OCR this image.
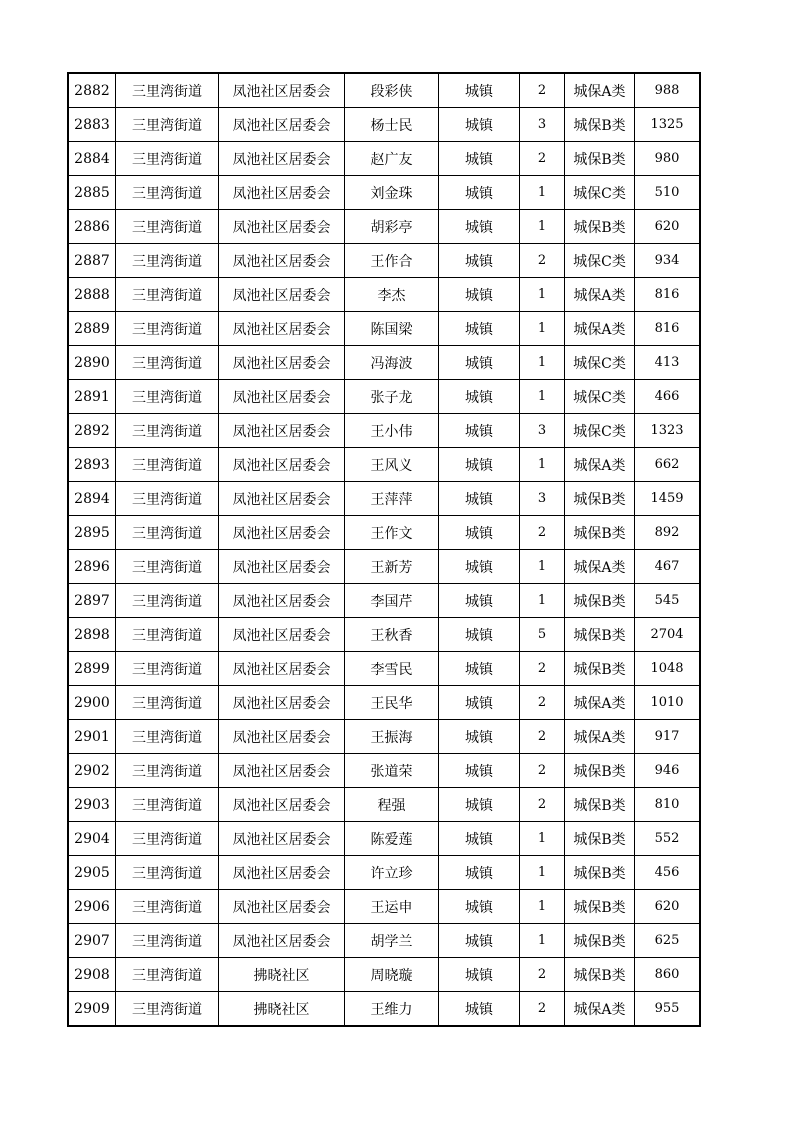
2882	三里湾街道	凤池社区居委会	段彩侠	城镇	2	城保A类	988
2883	三里湾街道	凤池社区居委会	杨士民	城镇	3	城保B类	1325
2884	三里湾街道	凤池社区居委会	赵广友	城镇	2	城保B类	980
2885	三里湾街道	凤池社区居委会	刘金珠	城镇	1	城保C类	510
2886	三里湾街道	凤池社区居委会	胡彩亭	城镇	1	城保B类	620
2887	三里湾街道	凤池社区居委会	王作合	城镇	2	城保C类	934
2888	三里湾街道	凤池社区居委会	李杰	城镇	1	城保A类	816
2889	三里湾街道	凤池社区居委会	陈国梁	城镇	1	城保A类	816
2890	三里湾街道	凤池社区居委会	冯海波	城镇	1	城保C类	413
2891	三里湾街道	凤池社区居委会	张子龙	城镇	1	城保C类	466
2892	三里湾街道	凤池社区居委会	王小伟	城镇	3	城保C类	1323
2893	三里湾街道	凤池社区居委会	王风义	城镇	1	城保A类	662
2894	三里湾街道	凤池社区居委会	王萍萍	城镇	3	城保B类	1459
2895	三里湾街道	凤池社区居委会	王作文	城镇	2	城保B类	892
2896	三里湾街道	凤池社区居委会	王新芳	城镇	1	城保A类	467
2897	三里湾街道	凤池社区居委会	李国芹	城镇	1	城保B类	545
2898	三里湾街道	凤池社区居委会	王秋香	城镇	5	城保B类	2704
2899	三里湾街道	凤池社区居委会	李雪民	城镇	2	城保B类	1048
2900	三里湾街道	凤池社区居委会	王民华	城镇	2	城保A类	1010
2901	三里湾街道	凤池社区居委会	王振海	城镇	2	城保A类	917
2902	三里湾街道	凤池社区居委会	张道荣	城镇	2	城保B类	946
2903	三里湾街道	凤池社区居委会	程强	城镇	2	城保B类	810
2904	三里湾街道	凤池社区居委会	陈爱莲	城镇	1	城保B类	552
2905	三里湾街道	凤池社区居委会	许立珍	城镇	1	城保B类	456
2906	三里湾街道	凤池社区居委会	王运申	城镇	1	城保B类	620
2907	三里湾街道	凤池社区居委会	胡学兰	城镇	1	城保B类	625
2908	三里湾街道	拂晓社区	周晓璇	城镇	2	城保B类	860
2909	三里湾街道	拂晓社区	王维力	城镇	2	城保A类	955
